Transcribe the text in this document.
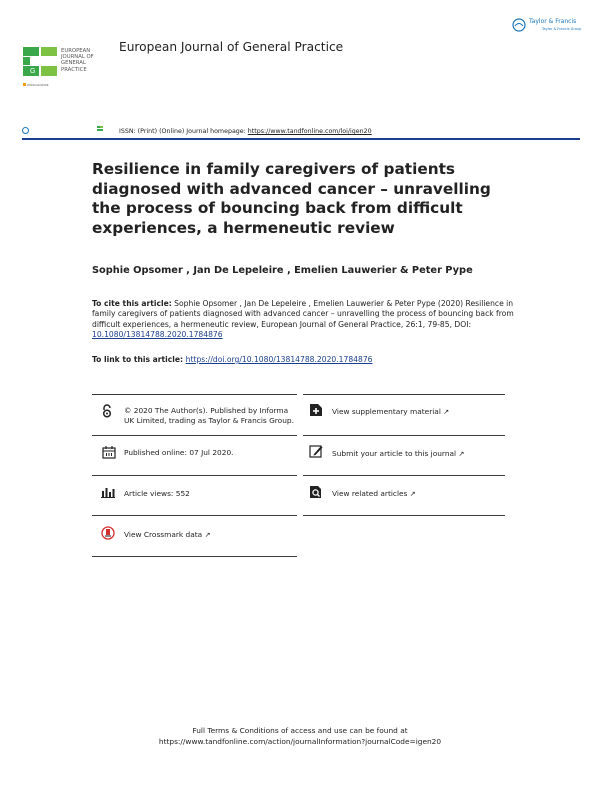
G
WONCA EUROPE
EUROPEAN
JOURNAL OF
GENERAL
PRACTICE
European Journal of General Practice
Taylor & Francis
Taylor & Francis Group
ISSN: (Print) (Online) Journal homepage: https://www.tandfonline.com/loi/igen20
Resilience in family caregivers of patients
diagnosed with advanced cancer – unravelling
the process of bouncing back from difficult
experiences, a hermeneutic review
Sophie Opsomer , Jan De Lepeleire , Emelien Lauwerier & Peter Pype
To cite this article: Sophie Opsomer , Jan De Lepeleire , Emelien Lauwerier & Peter Pype (2020) Resilience in family caregivers of patients diagnosed with advanced cancer – unravelling the process of bouncing back from difficult experiences, a hermeneutic review, European Journal of General Practice, 26:1, 79-85, DOI: 10.1080/13814788.2020.1784876
To link to this article: https://doi.org/10.1080/13814788.2020.1784876
© 2020 The Author(s). Published by Informa UK Limited, trading as Taylor & Francis Group.
Published online: 07 Jul 2020.
Article views: 552
View Crossmark data ↗
View supplementary material ↗
Submit your article to this journal ↗
View related articles ↗
Full Terms & Conditions of access and use can be found at
https://www.tandfonline.com/action/journalInformation?journalCode=igen20
